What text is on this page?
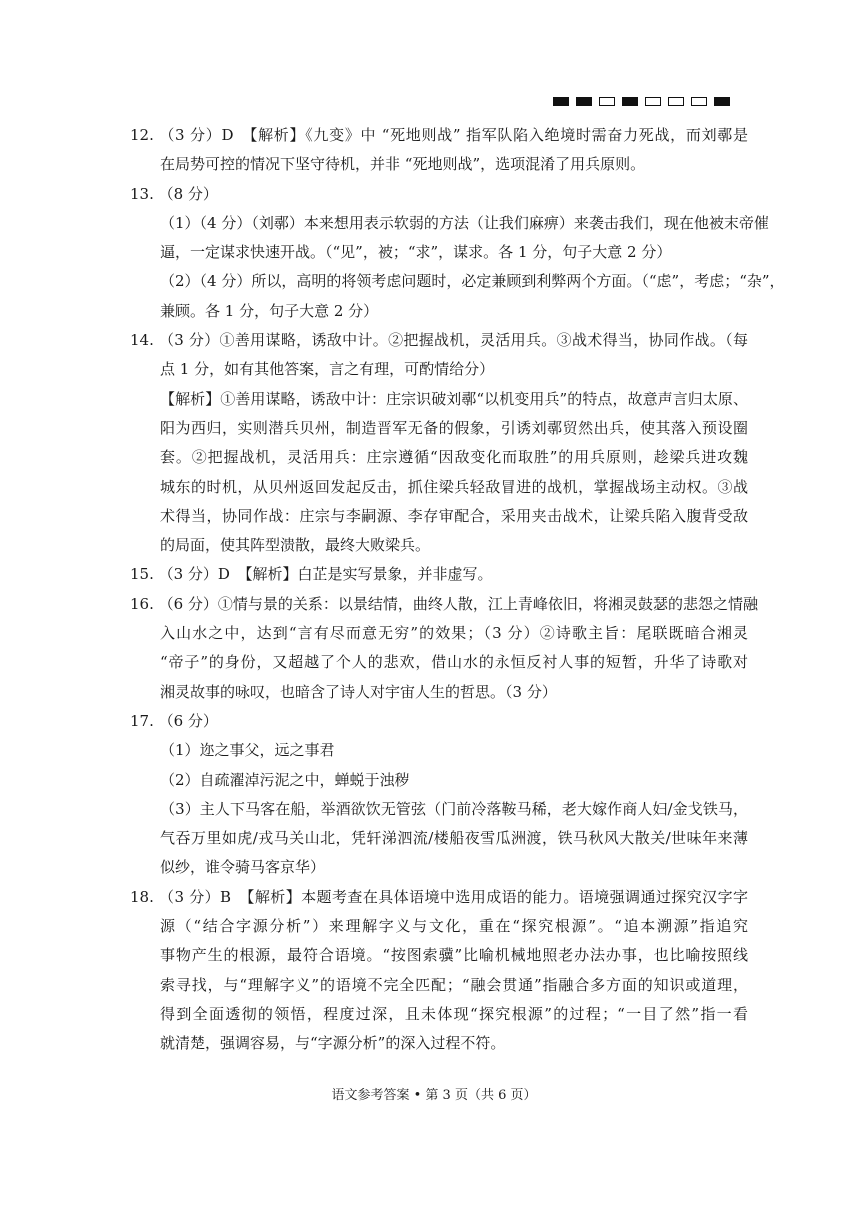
12. （3 分）D　【解析】《九变》中 “死地则战” 指军队陷入绝境时需奋力死战，而刘鄩是
在局势可控的情况下坚守待机，并非 “死地则战”，选项混淆了用兵原则。
13. （8 分）
（1）（4 分）（刘鄩）本来想用表示软弱的方法（让我们麻痹）来袭击我们，现在他被末帝催
逼，一定谋求快速开战。（“见”，被；“求”，谋求。各 1 分，句子大意 2 分）
（2）（4 分）所以，高明的将领考虑问题时，必定兼顾到利弊两个方面。（“虑”，考虑；“杂”，
兼顾。各 1 分，句子大意 2 分）
14. （3 分）①善用谋略，诱敌中计。②把握战机，灵活用兵。③战术得当，协同作战。（每
点 1 分，如有其他答案，言之有理，可酌情给分）
【解析】①善用谋略，诱敌中计：庄宗识破刘鄩“以机变用兵”的特点，故意声言归太原、
阳为西归，实则潜兵贝州，制造晋军无备的假象，引诱刘鄩贸然出兵，使其落入预设圈
套。②把握战机，灵活用兵：庄宗遵循“因敌变化而取胜”的用兵原则，趁梁兵进攻魏
城东的时机，从贝州返回发起反击，抓住梁兵轻敌冒进的战机，掌握战场主动权。③战
术得当，协同作战：庄宗与李嗣源、李存审配合，采用夹击战术，让梁兵陷入腹背受敌
的局面，使其阵型溃散，最终大败梁兵。
15. （3 分）D　【解析】白芷是实写景象，并非虚写。
16. （6 分）①情与景的关系：以景结情，曲终人散，江上青峰依旧，将湘灵鼓瑟的悲怨之情融
入山水之中，达到“言有尽而意无穷”的效果；（3 分）②诗歌主旨：尾联既暗合湘灵
“帝子”的身份，又超越了个人的悲欢，借山水的永恒反衬人事的短暂，升华了诗歌对
湘灵故事的咏叹，也暗含了诗人对宇宙人生的哲思。（3 分）
17. （6 分）
（1）迩之事父，远之事君
（2）自疏濯淖污泥之中，蝉蜕于浊秽
（3）主人下马客在船，举酒欲饮无管弦（门前冷落鞍马稀，老大嫁作商人妇/金戈铁马，
气吞万里如虎/戎马关山北，凭轩涕泗流/楼船夜雪瓜洲渡，铁马秋风大散关/世味年来薄
似纱，谁令骑马客京华）
18. （3 分）B　【解析】本题考查在具体语境中选用成语的能力。语境强调通过探究汉字字
源（“结合字源分析”）来理解字义与文化，重在“探究根源”。“追本溯源”指追究
事物产生的根源，最符合语境。“按图索骥”比喻机械地照老办法办事，也比喻按照线
索寻找，与“理解字义”的语境不完全匹配；“融会贯通”指融合多方面的知识或道理，
得到全面透彻的领悟，程度过深，且未体现“探究根源”的过程；“一目了然”指一看
就清楚，强调容易，与“字源分析”的深入过程不符。
语文参考答案 • 第 3 页（共 6 页）
